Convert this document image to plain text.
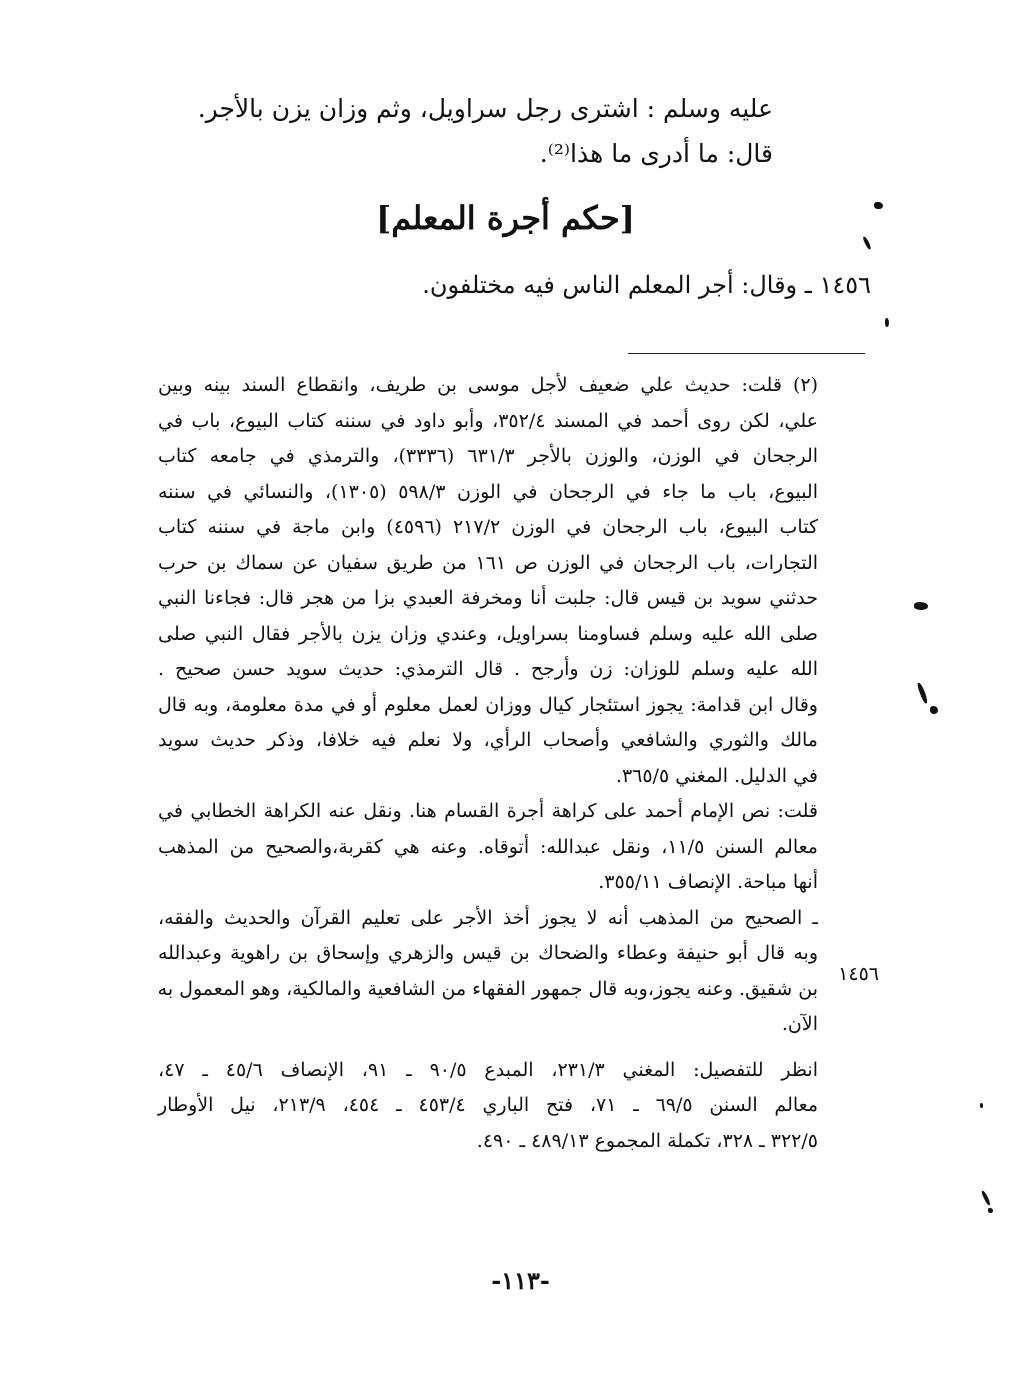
عليه وسلم : اشترى رجل سراويل، وثم وزان يزن بالأجر.
قال: ما أدرى ما هذا⁽²⁾.
[حكم أجرة المعلم]
١٤٥٦ ـ وقال: أجر المعلم الناس فيه مختلفون.
(٢) قلت: حديث علي ضعيف لأجل موسى بن طريف، وانقطاع السند بينه وبين
علي، لكن روى أحمد في المسند ٣٥٢/٤، وأبو داود في سننه كتاب البيوع، باب في
الرجحان في الوزن، والوزن بالأجر ٦٣١/٣ (٣٣٣٦)، والترمذي في جامعه كتاب
البيوع، باب ما جاء في الرجحان في الوزن ٥٩٨/٣ (١٣٠٥)، والنسائي في سننه
كتاب البيوع، باب الرجحان في الوزن ٢١٧/٢ (٤٥٩٦) وابن ماجة في سننه كتاب
التجارات، باب الرجحان في الوزن ص ١٦١ من طريق سفيان عن سماك بن حرب
حدثني سويد بن قيس قال: جلبت أنا ومخرفة العبدي بزا من هجر قال: فجاءنا النبي
صلى الله عليه وسلم فساومنا بسراويل، وعندي وزان يزن بالأجر فقال النبي صلى
الله عليه وسلم للوزان: زن وأرجح . قال الترمذي: حديث سويد حسن صحيح .
وقال ابن قدامة: يجوز استئجار كيال ووزان لعمل معلوم أو في مدة معلومة، وبه قال
مالك والثوري والشافعي وأصحاب الرأي، ولا نعلم فيه خلافا، وذكر حديث سويد
في الدليل. المغني ٣٦٥/٥.
قلت: نص الإمام أحمد على كراهة أجرة القسام هنا. ونقل عنه الكراهة الخطابي في
معالم السنن ١١/٥، ونقل عبدالله: أتوقاه. وعنه هي كقربة،والصحيح من المذهب
أنها مباحة. الإنصاف ٣٥٥/١١.
ـ الصحيح من المذهب أنه لا يجوز أخذ الأجر على تعليم القرآن والحديث والفقه،
وبه قال أبو حنيفة وعطاء والضحاك بن قيس والزهري وإسحاق بن راهوية وعبدالله
بن شقيق. وعنه يجوز،وبه قال جمهور الفقهاء من الشافعية والمالكية، وهو المعمول به
الآن.
انظر للتفصيل: المغني ٢٣١/٣، المبدع ٩٠/٥ ـ ٩١، الإنصاف ٤٥/٦ ـ ٤٧،
معالم السنن ٦٩/٥ ـ ٧١، فتح الباري ٤٥٣/٤ ـ ٤٥٤، ٢١٣/٩، نيل الأوطار
٣٢٢/٥ ـ ٣٢٨، تكملة المجموع ٤٨٩/١٣ ـ ٤٩٠.
١٤٥٦
-١١٣-
